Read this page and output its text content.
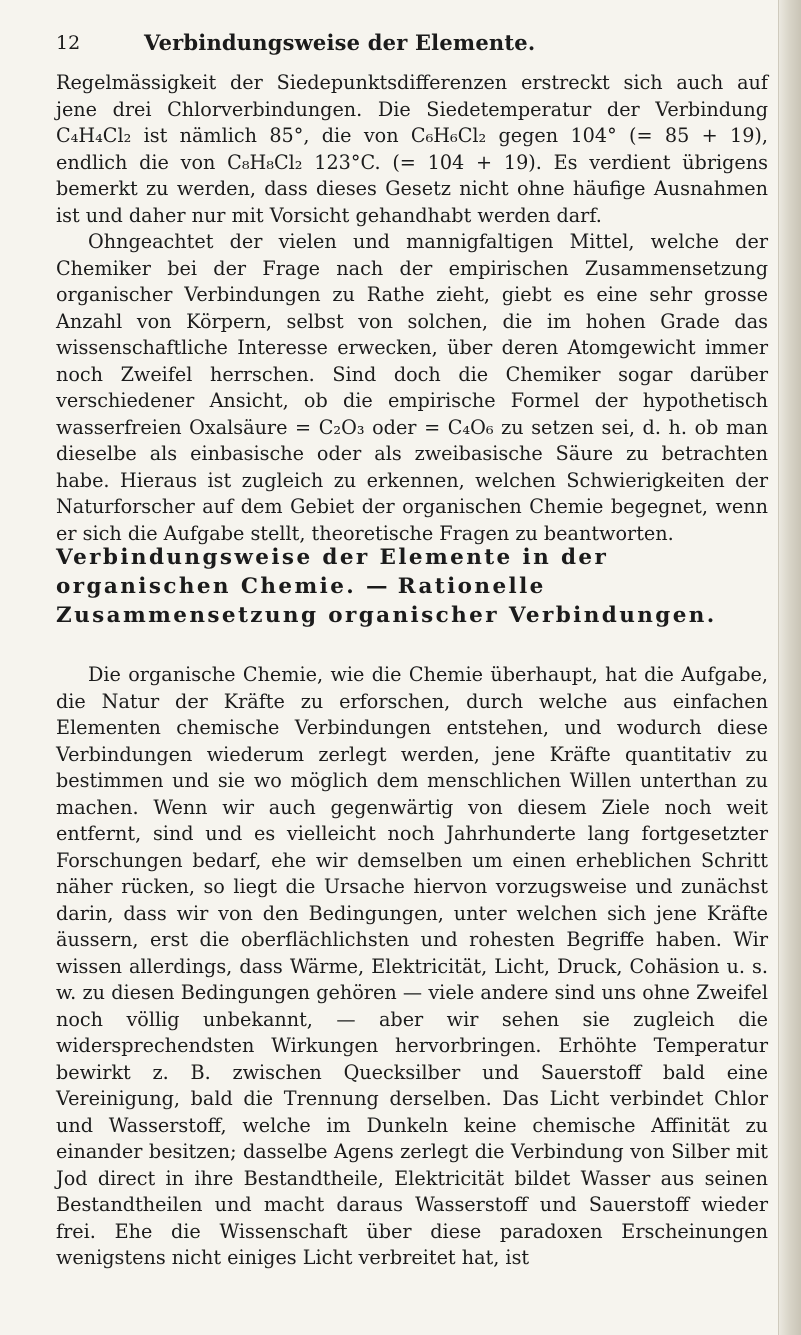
12	Verbindungsweise der Elemente.

Regelmässigkeit der Siedepunktsdifferenzen erstreckt sich auch auf jene drei Chlorverbindungen. Die Siedetemperatur der Verbindung C₄H₄Cl₂ ist nämlich 85°, die von C₆H₆Cl₂ gegen 104° (= 85 + 19), endlich die von C₈H₈Cl₂ 123°C. (= 104 + 19). Es verdient übrigens bemerkt zu werden, dass dieses Gesetz nicht ohne häufige Ausnahmen ist und daher nur mit Vorsicht gehandhabt werden darf.

Ohngeachtet der vielen und mannigfaltigen Mittel, welche der Chemiker bei der Frage nach der empirischen Zusammensetzung organischer Verbindungen zu Rathe zieht, giebt es eine sehr grosse Anzahl von Körpern, selbst von solchen, die im hohen Grade das wissenschaftliche Interesse erwecken, über deren Atomgewicht immer noch Zweifel herrschen. Sind doch die Chemiker sogar darüber verschiedener Ansicht, ob die empirische Formel der hypothetisch wasserfreien Oxalsäure = C₂O₃ oder = C₄O₆ zu setzen sei, d. h. ob man dieselbe als einbasische oder als zweibasische Säure zu betrachten habe. Hieraus ist zugleich zu erkennen, welchen Schwierigkeiten der Naturforscher auf dem Gebiet der organischen Chemie begegnet, wenn er sich die Aufgabe stellt, theoretische Fragen zu beantworten.

Verbindungsweise der Elemente in der organischen Chemie. — Rationelle Zusammensetzung organischer Verbindungen.

Die organische Chemie, wie die Chemie überhaupt, hat die Aufgabe, die Natur der Kräfte zu erforschen, durch welche aus einfachen Elementen chemische Verbindungen entstehen, und wodurch diese Verbindungen wiederum zerlegt werden, jene Kräfte quantitativ zu bestimmen und sie wo möglich dem menschlichen Willen unterthan zu machen. Wenn wir auch gegenwärtig von diesem Ziele noch weit entfernt, sind und es vielleicht noch Jahrhunderte lang fortgesetzter Forschungen bedarf, ehe wir demselben um einen erheblichen Schritt näher rücken, so liegt die Ursache hiervon vorzugsweise und zunächst darin, dass wir von den Bedingungen, unter welchen sich jene Kräfte äussern, erst die oberflächlichsten und rohesten Begriffe haben. Wir wissen allerdings, dass Wärme, Elektricität, Licht, Druck, Cohäsion u. s. w. zu diesen Bedingungen gehören — viele andere sind uns ohne Zweifel noch völlig unbekannt, — aber wir sehen sie zugleich die widersprechendsten Wirkungen hervorbringen. Erhöhte Temperatur bewirkt z. B. zwischen Quecksilber und Sauerstoff bald eine Vereinigung, bald die Trennung derselben. Das Licht verbindet Chlor und Wasserstoff, welche im Dunkeln keine chemische Affinität zu einander besitzen; dasselbe Agens zerlegt die Verbindung von Silber mit Jod direct in ihre Bestandtheile, Elektricität bildet Wasser aus seinen Bestandtheilen und macht daraus Wasserstoff und Sauerstoff wieder frei. Ehe die Wissenschaft über diese paradoxen Erscheinungen wenigstens nicht einiges Licht verbreitet hat, ist
